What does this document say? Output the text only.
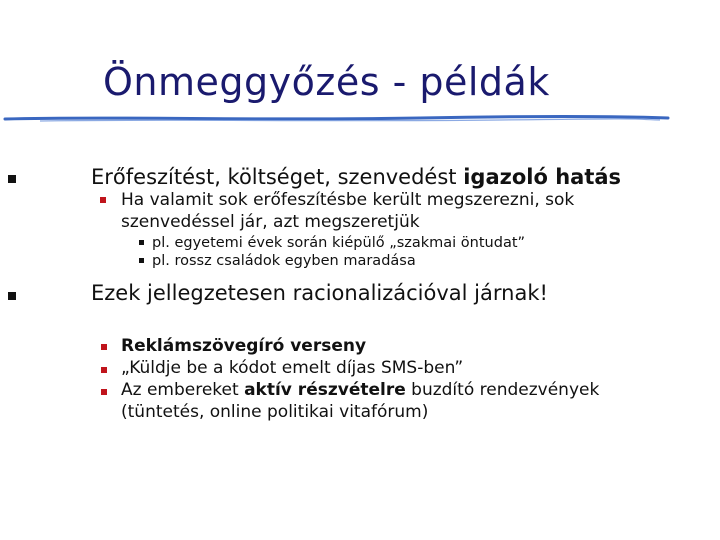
Önmeggyőzés - példák
Erőfeszítést, költséget, szenvedést igazoló hatás
Ha valamit sok erőfeszítésbe került megszerezni, sok
szenvedéssel jár, azt megszeretjük
pl. egyetemi évek során kiépülő „szakmai öntudat”
pl. rossz családok egyben maradása
Ezek jellegzetesen racionalizációval járnak!
Reklámszövegíró verseny
„Küldje be a kódot emelt díjas SMS-ben”
Az embereket aktív részvételre buzdító rendezvények
(tüntetés, online politikai vitafórum)
